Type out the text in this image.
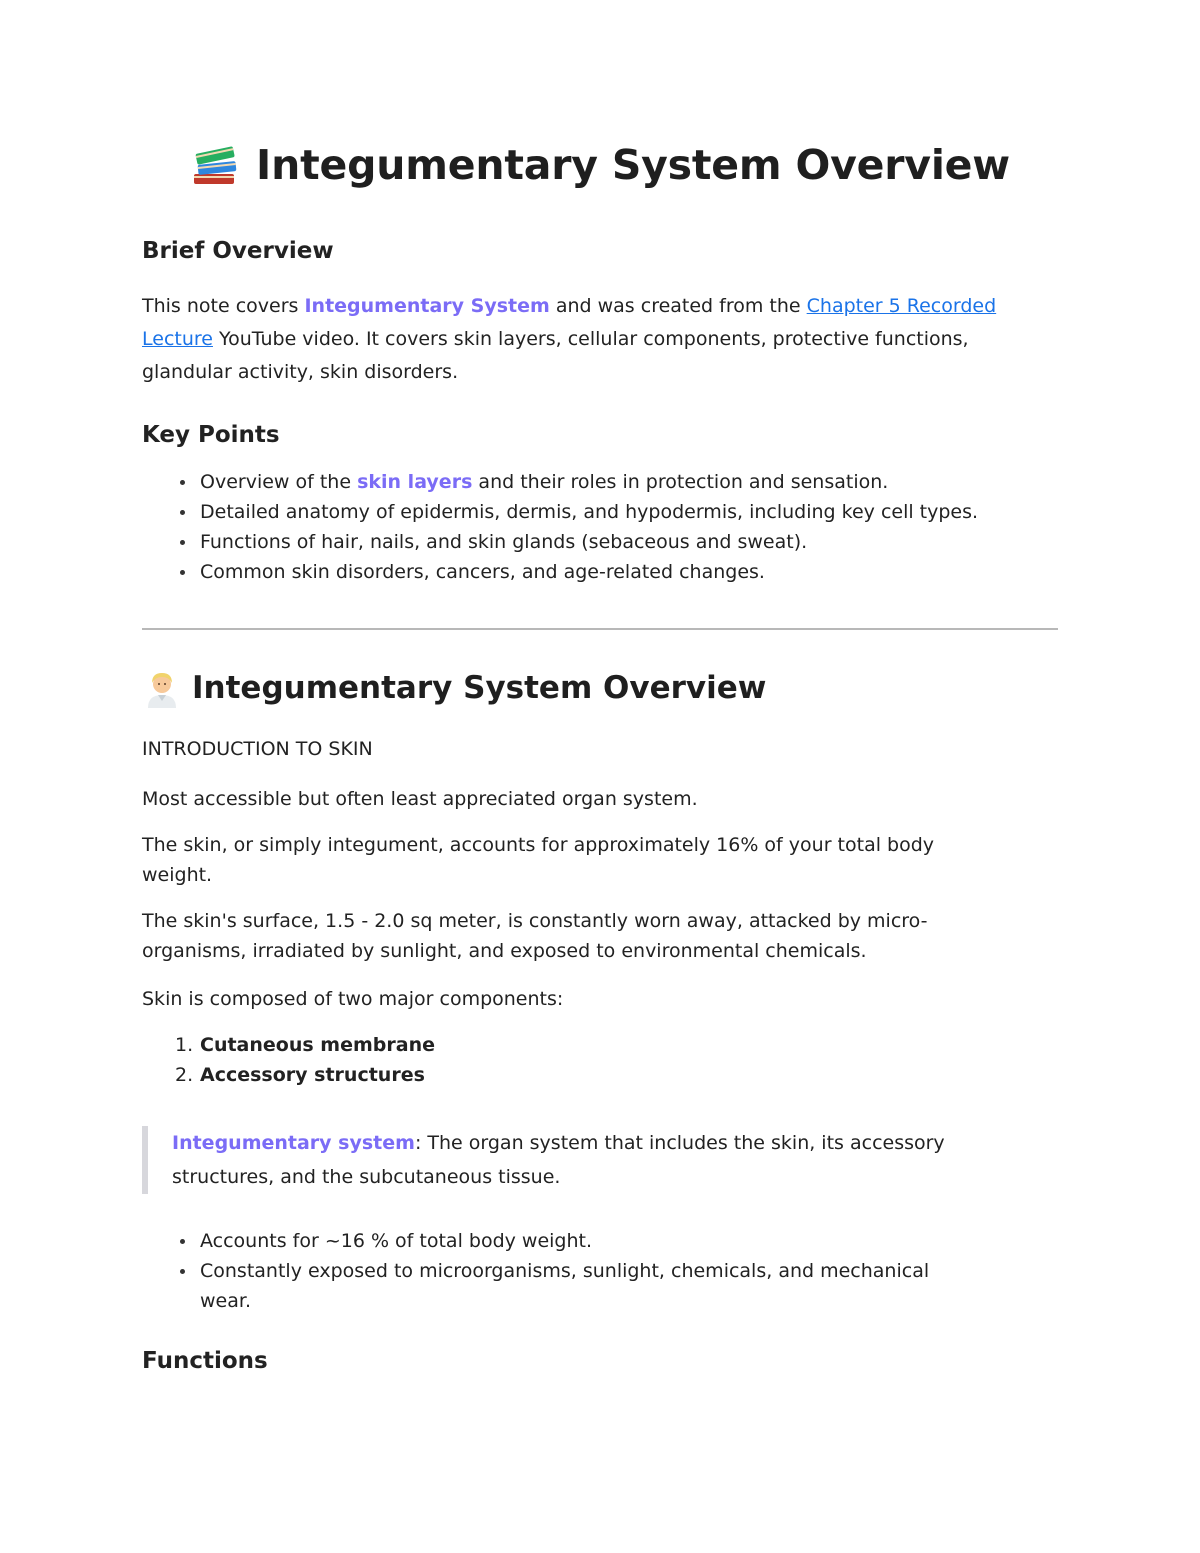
Integumentary System Overview
Brief Overview

This note covers Integumentary System and was created from the Chapter 5 Recorded
Lecture YouTube video. It covers skin layers, cellular components, protective functions, glandular activity, skin disorders.

Key Points
Overview of the skin layers and their roles in protection and sensation.
Detailed anatomy of epidermis, dermis, and hypodermis, including key cell types.
Functions of hair, nails, and skin glands (sebaceous and sweat).
Common skin disorders, cancers, and age-related changes.
Integumentary System Overview

INTRODUCTION TO SKIN

Most accessible but often least appreciated organ system.

The skin, or simply integument, accounts for approximately 16% of your total body weight.

The skin's surface, 1.5 - 2.0 sq meter, is constantly worn away, attacked by micro-organisms, irradiated by sunlight, and exposed to environmental chemicals.

Skin is composed of two major components:

1. Cutaneous membrane
2. Accessory structures
Integumentary system: The organ system that includes the skin, its accessory structures, and the subcutaneous tissue.
Accounts for ~16 % of total body weight.
Constantly exposed to microorganisms, sunlight, chemicals, and mechanical wear.
Functions
